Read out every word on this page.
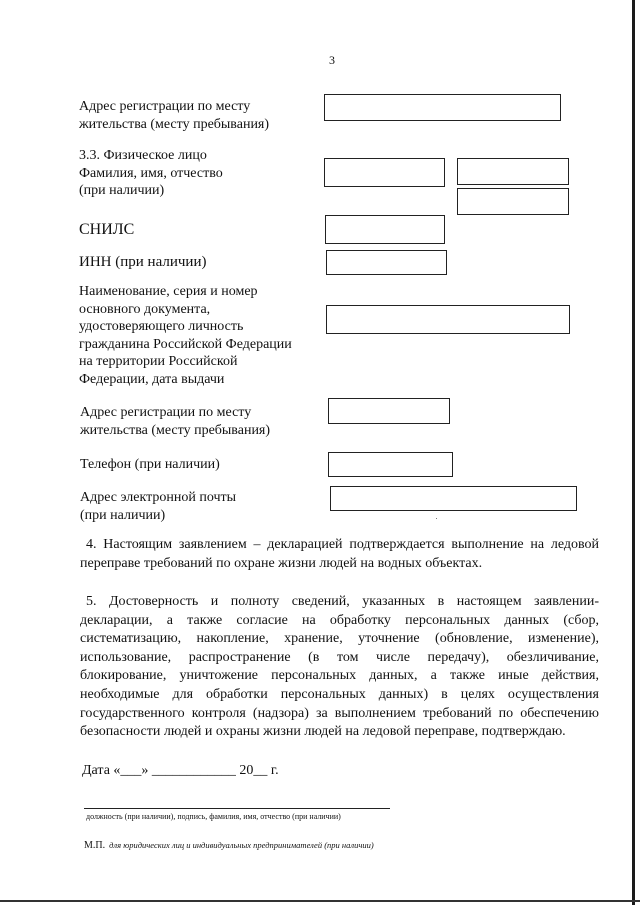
3
Адрес регистрации по месту
жительства (месту пребывания)
3.3. Физическое лицо
Фамилия, имя, отчество
(при наличии)
СНИЛС
ИНН (при наличии)
Наименование, серия и номер
основного документа,
удостоверяющего личность
гражданина Российской Федерации
на территории Российской
Федерации, дата выдачи
Адрес регистрации по месту
жительства (месту пребывания)
Телефон (при наличии)
Адрес электронной почты
(при наличии)
4. Настоящим заявлением – декларацией подтверждается выполнение на ледовой переправе требований по охране жизни людей на водных объектах.
5. Достоверность и полноту сведений, указанных в настоящем заявлении-декларации, а также согласие на обработку персональных данных (сбор, систематизацию, накопление, хранение, уточнение (обновление, изменение), использование, распространение (в том числе передачу), обезличивание, блокирование, уничтожение персональных данных, а также иные действия, необходимые для обработки персональных данных) в целях осуществления государственного контроля (надзора) за выполнением требований по обеспечению безопасности людей и охраны жизни людей на ледовой переправе, подтверждаю.
Дата «___» ____________ 20__ г.
должность (при наличии), подпись, фамилия, имя, отчество (при наличии)
М.П. для юридических лиц и индивидуальных предпринимателей (при наличии)
